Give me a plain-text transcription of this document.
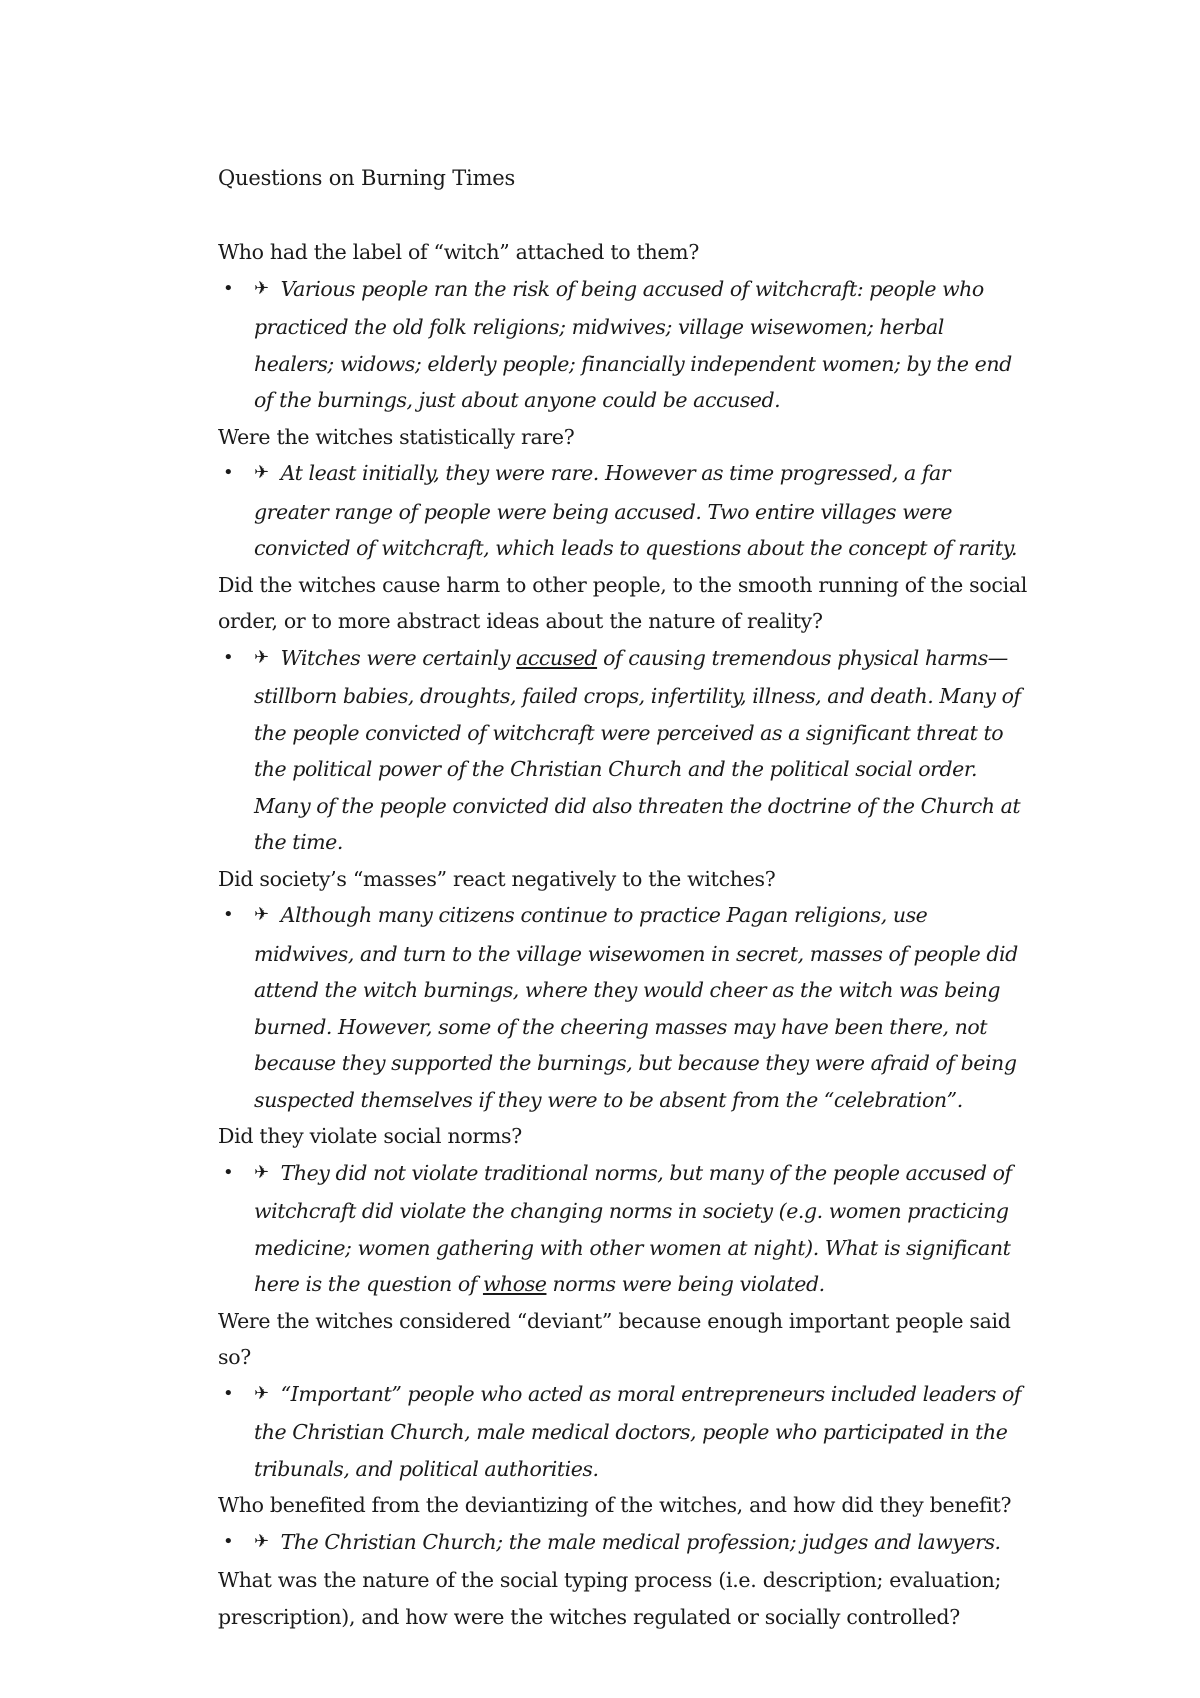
Questions on Burning Times

Who had the label of “witch” attached to them?

• ✈ Various people ran the risk of being accused of witchcraft: people who practiced the old folk religions; midwives; village wisewomen; herbal healers; widows; elderly people; financially independent women; by the end of the burnings, just about anyone could be accused.

Were the witches statistically rare?

• ✈ At least initially, they were rare. However as time progressed, a far greater range of people were being accused. Two entire villages were convicted of witchcraft, which leads to questions about the concept of rarity.

Did the witches cause harm to other people, to the smooth running of the social order, or to more abstract ideas about the nature of reality?

• ✈ Witches were certainly accused of causing tremendous physical harms—stillborn babies, droughts, failed crops, infertility, illness, and death. Many of the people convicted of witchcraft were perceived as a significant threat to the political power of the Christian Church and the political social order. Many of the people convicted did also threaten the doctrine of the Church at the time.

Did society’s “masses” react negatively to the witches?

• ✈ Although many citizens continue to practice Pagan religions, use midwives, and turn to the village wisewomen in secret, masses of people did attend the witch burnings, where they would cheer as the witch was being burned. However, some of the cheering masses may have been there, not because they supported the burnings, but because they were afraid of being suspected themselves if they were to be absent from the “celebration”.

Did they violate social norms?

• ✈ They did not violate traditional norms, but many of the people accused of witchcraft did violate the changing norms in society (e.g. women practicing medicine; women gathering with other women at night). What is significant here is the question of whose norms were being violated.

Were the witches considered “deviant” because enough important people said so?

• ✈ “Important” people who acted as moral entrepreneurs included leaders of the Christian Church, male medical doctors, people who participated in the tribunals, and political authorities.

Who benefited from the deviantizing of the witches, and how did they benefit?

• ✈ The Christian Church; the male medical profession; judges and lawyers.

What was the nature of the social typing process (i.e. description; evaluation; prescription), and how were the witches regulated or socially controlled?
